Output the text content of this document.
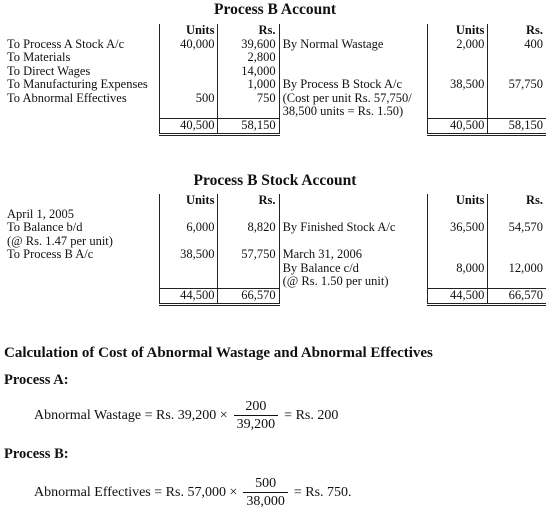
Process B Account
	Units	Rs.		Units	Rs.
To Process A Stock A/c	40,000	39,600	By Normal Wastage	2,000	400
To Materials		2,800			
To Direct Wages		14,000			
To Manufacturing Expenses		1,000	By Process B Stock A/c	38,500	57,750
To Abnormal Effectives	500	750	(Cost per unit Rs. 57,750/		
			38,500 units = Rs. 1.50)		
	40,500	58,150		40,500	58,150
Process B Stock Account
	Units	Rs.		Units	Rs.
April 1, 2005					
To Balance b/d	6,000	8,820	By Finished Stock A/c	36,500	54,570
(@ Rs. 1.47 per unit)					
To Process B A/c	38,500	57,750	March 31, 2006		
			By Balance c/d	8,000	12,000
			(@ Rs. 1.50 per unit)		
	44,500	66,570		44,500	66,570
Calculation of Cost of Abnormal Wastage and Abnormal Effectives
Process A:
Abnormal Wastage = Rs. $39,200 \times \frac{200}{39,200} = Rs$. 200
Process B:
Abnormal Effectives = Rs. $57,000 \times \frac{500}{38,000} = Rs$. 750.
